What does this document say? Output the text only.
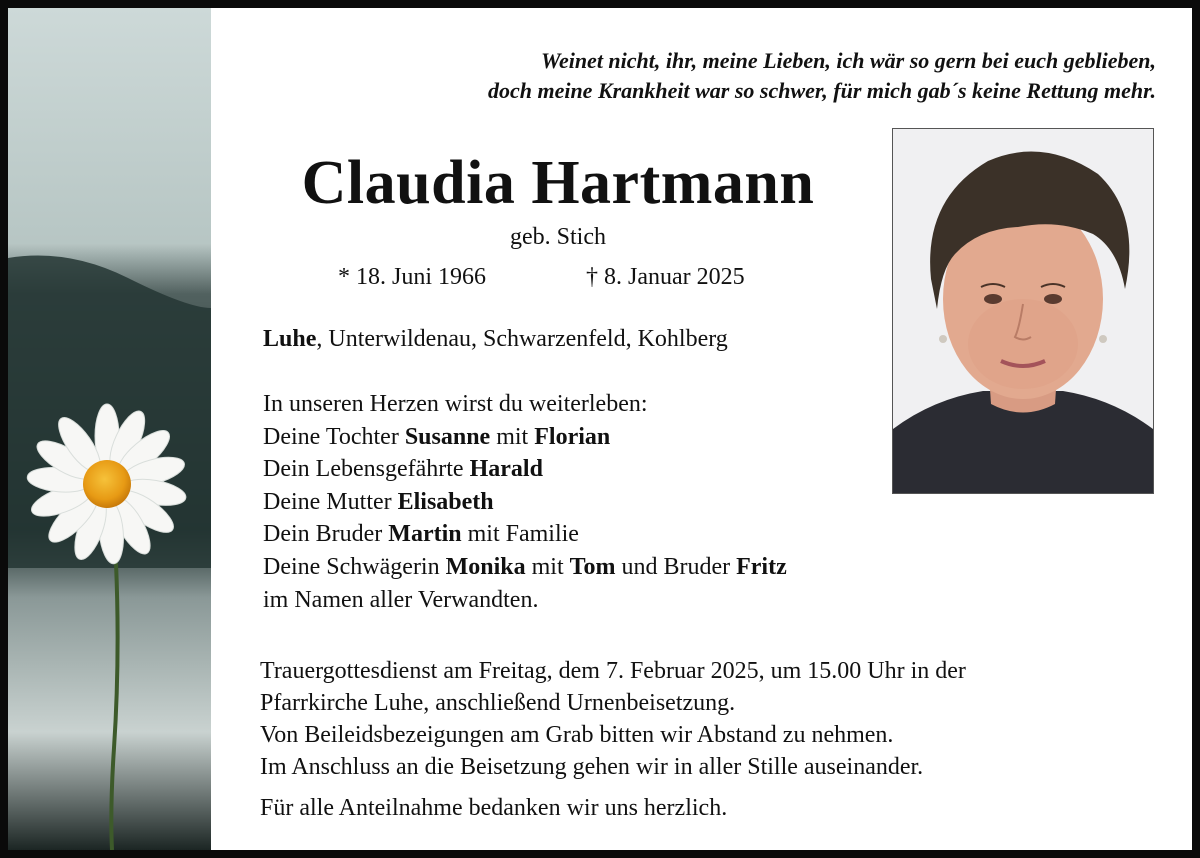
Weinet nicht, ihr, meine Lieben, ich wär so gern bei euch geblieben,
doch meine Krankheit war so schwer, für mich gab´s keine Rettung mehr.
Claudia Hartmann
geb. Stich
* 18. Juni 1966	† 8. Januar 2025
Luhe, Unterwildenau, Schwarzenfeld, Kohlberg
In unseren Herzen wirst du weiterleben:
Deine Tochter Susanne mit Florian
Dein Lebensgefährte Harald
Deine Mutter Elisabeth
Dein Bruder Martin mit Familie
Deine Schwägerin Monika mit Tom und Bruder Fritz
im Namen aller Verwandten.
Trauergottesdienst am Freitag, dem 7. Februar 2025, um 15.00 Uhr in der
Pfarrkirche Luhe, anschließend Urnenbeisetzung.
Von Beileidsbezeigungen am Grab bitten wir Abstand zu nehmen.
Im Anschluss an die Beisetzung gehen wir in aller Stille auseinander.
Für alle Anteilnahme bedanken wir uns herzlich.
